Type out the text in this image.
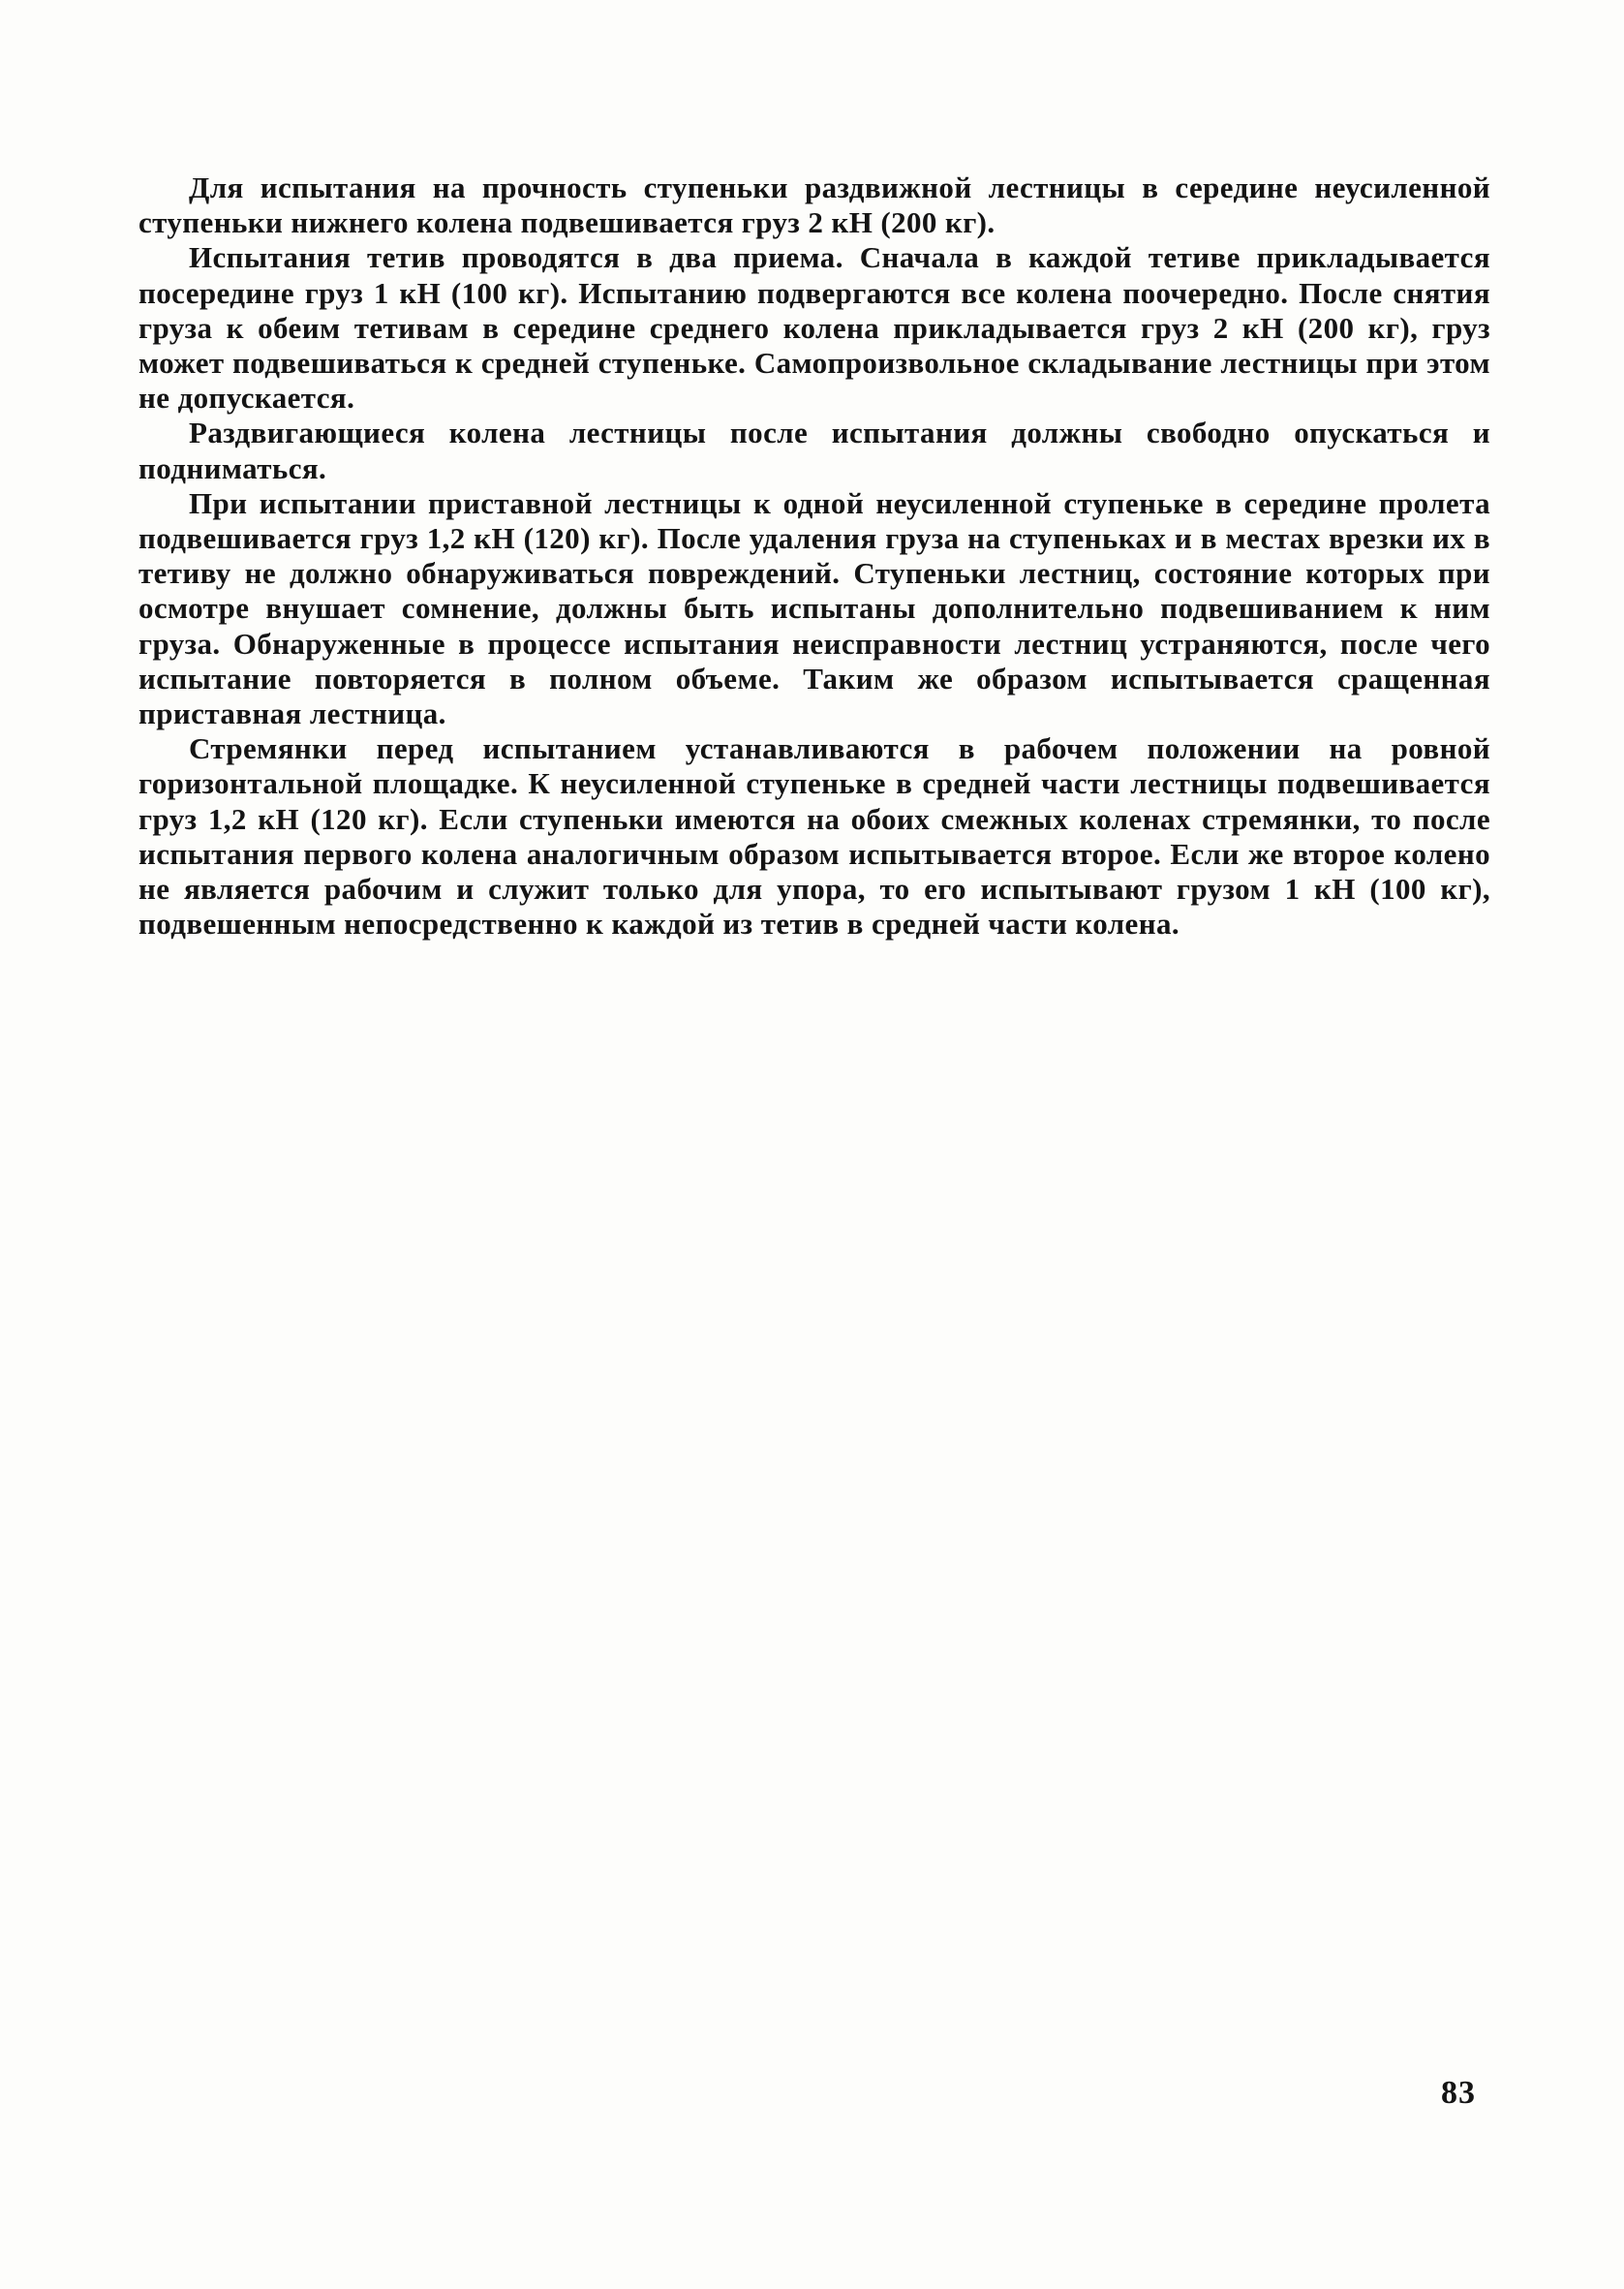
Для испытания на прочность ступеньки раздвижной лестницы в середине неусиленной ступеньки нижнего колена подвешивается груз 2 кН (200 кг).

Испытания тетив проводятся в два приема. Сначала в каждой тетиве прикладывается посередине груз 1 кН (100 кг). Испытанию подвергаются все колена поочередно. После снятия груза к обеим тетивам в середине среднего колена прикладывается груз 2 кН (200 кг), груз может подвешиваться к средней ступеньке. Самопроизвольное складывание лестницы при этом не допускается.

Раздвигающиеся колена лестницы после испытания должны свободно опускаться и подниматься.

При испытании приставной лестницы к одной неусиленной ступеньке в середине пролета подвешивается груз 1,2 кН (120) кг). После удаления груза на ступеньках и в местах врезки их в тетиву не должно обнаруживаться повреждений. Ступеньки лестниц, состояние которых при осмотре внушает сомнение, должны быть испытаны дополнительно подвешиванием к ним груза. Обнаруженные в процессе испытания неисправности лестниц устраняются, после чего испытание повторяется в полном объеме. Таким же образом испытывается сращенная приставная лестница.

Стремянки перед испытанием устанавливаются в рабочем положении на ровной горизонтальной площадке. К неусиленной ступеньке в средней части лестницы подвешивается груз 1,2 кН (120 кг). Если ступеньки имеются на обоих смежных коленах стремянки, то после испытания первого колена аналогичным образом испытывается второе. Если же второе колено не является рабочим и служит только для упора, то его испытывают грузом 1 кН (100 кг), подвешенным непосредственно к каждой из тетив в средней части колена.

83
